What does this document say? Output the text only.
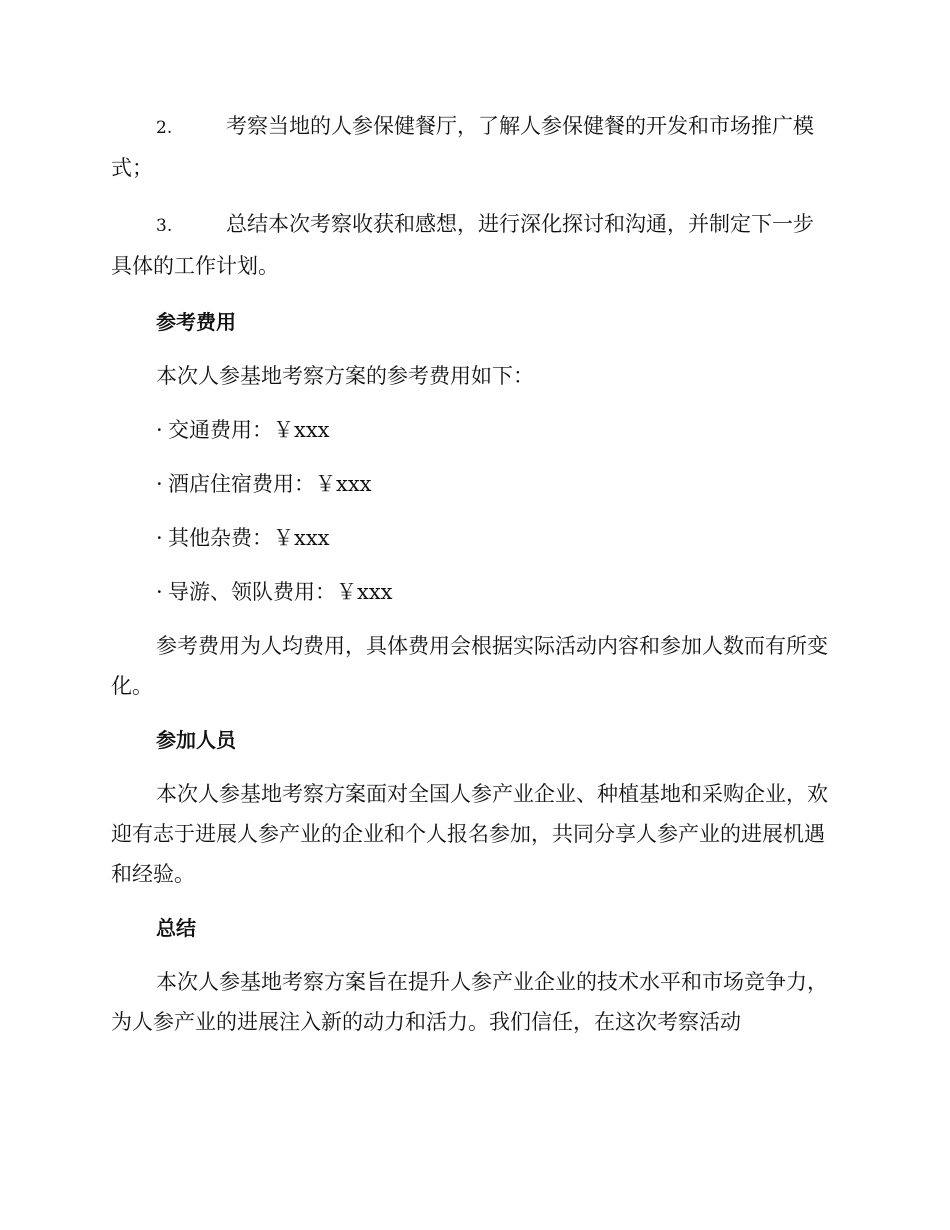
2.	考察当地的人参保健餐厅，了解人参保健餐的开发和市场推广模式；

3.	总结本次考察收获和感想，进行深化探讨和沟通，并制定下一步具体的工作计划。

参考费用

本次人参基地考察方案的参考费用如下：

· 交通费用：￥xxx

· 酒店住宿费用：￥xxx

· 其他杂费：￥xxx

· 导游、领队费用：￥xxx

参考费用为人均费用，具体费用会根据实际活动内容和参加人数而有所变化。

参加人员

本次人参基地考察方案面对全国人参产业企业、种植基地和采购企业，欢迎有志于进展人参产业的企业和个人报名参加，共同分享人参产业的进展机遇和经验。

总结

本次人参基地考察方案旨在提升人参产业企业的技术水平和市场竞争力，为人参产业的进展注入新的动力和活力。我们信任，在这次考察活动
